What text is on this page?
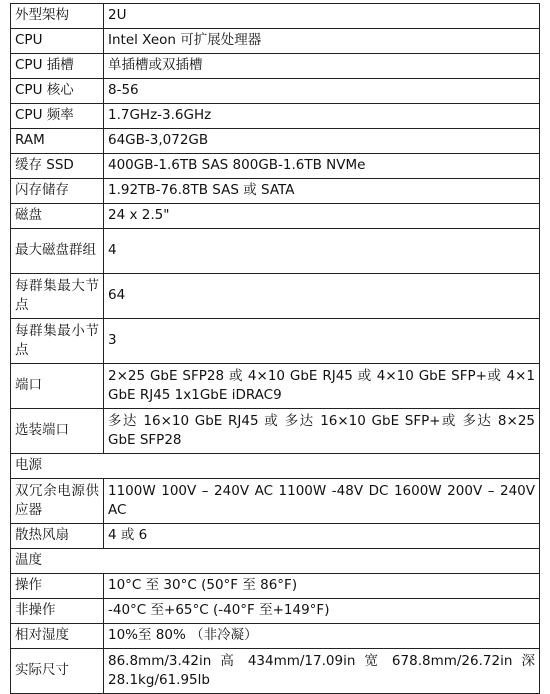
外型架构	2U
CPU	Intel Xeon 可扩展处理器
CPU 插槽	单插槽或双插槽
CPU 核心	8-56
CPU 频率	1.7GHz-3.6GHz
RAM	64GB-3,072GB
缓存 SSD	400GB-1.6TB SAS 800GB-1.6TB NVMe
闪存储存	1.92TB-76.8TB SAS 或 SATA
磁盘	24 x 2.5"
最大磁盘群组	4
每群集最大节点	64
每群集最小节点	3
端口	2×25 GbE SFP28 或 4×10 GbE RJ45 或 4×10 GbE SFP+或 4×1 GbE RJ45 1x1GbE iDRAC9
选装端口	多达 16×10 GbE RJ45 或 多达 16×10 GbE SFP+或 多达 8×25 GbE SFP28
电源	
双冗余电源供应器	1100W 100V – 240V AC 1100W -48V DC 1600W 200V – 240V AC
散热风扇	4 或 6
温度	
操作	10°C 至 30°C (50°F 至 86°F)
非操作	-40°C 至+65°C (-40°F 至+149°F)
相对湿度	10%至 80% （非冷凝）
实际尺寸	86.8mm/3.42in 高 434mm/17.09in 宽 678.8mm/26.72in 深 28.1kg/61.95lb
